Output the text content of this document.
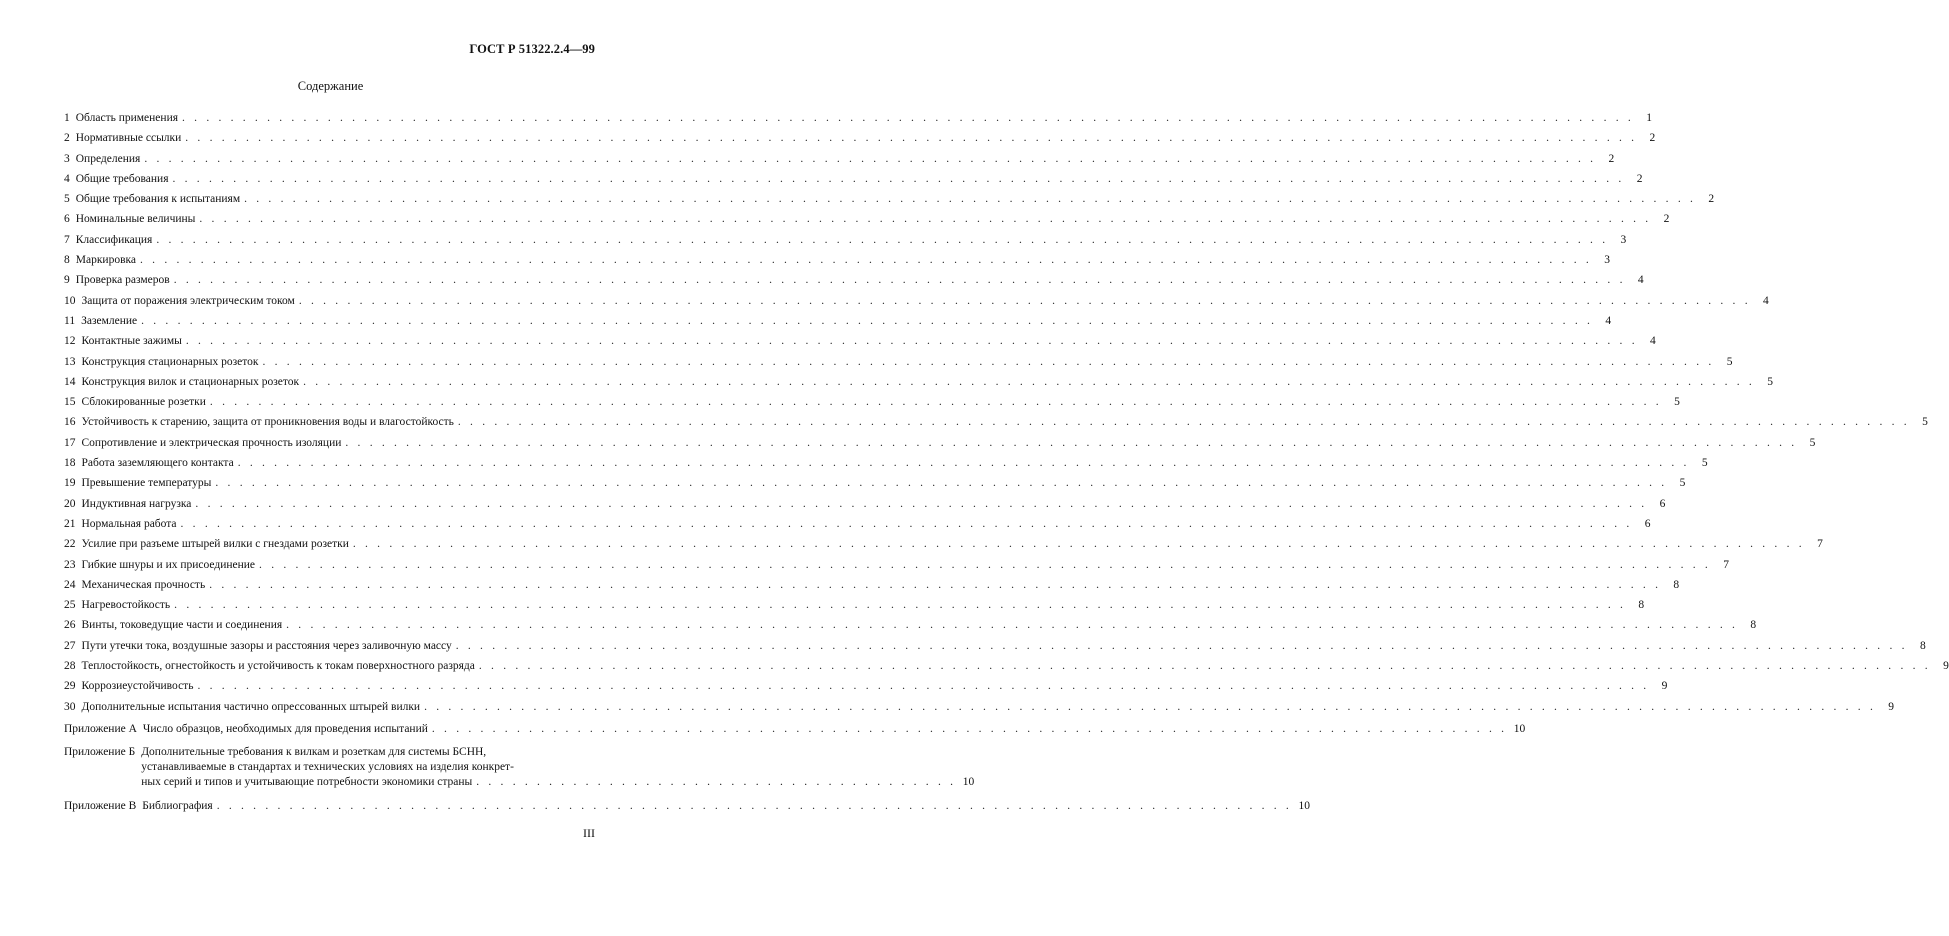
ГОСТ Р 51322.2.4—99
Содержание
1 Область применения . . . . . . . . . . . . . . . . . . . . . . . . . . . . . . . . . . . . . . . . . . . . . . . . . . . . . . . . . . . . . . . . . . . . . . . . . . . . . . . . . . . . . . . . . . . . . . . . . . . . . . . . . . . . . . . . . . . . . . . .	1
2 Нормативные ссылки . . . . . . . . . . . . . . . . . . . . . . . . . . . . . . . . . . . . . . . . . . . . . . . . . . . . . . . . . . . . . . . . . . . . . . . . . . . . . . . . . . . . . . . . . . . . . . . . . . . . . . . . . . . . . . . . . . . . . . . .	2
3 Определения . . . . . . . . . . . . . . . . . . . . . . . . . . . . . . . . . . . . . . . . . . . . . . . . . . . . . . . . . . . . . . . . . . . . . . . . . . . . . . . . . . . . . . . . . . . . . . . . . . . . . . . . . . . . . . . . . . . . . . . .	2
4 Общие требования . . . . . . . . . . . . . . . . . . . . . . . . . . . . . . . . . . . . . . . . . . . . . . . . . . . . . . . . . . . . . . . . . . . . . . . . . . . . . . . . . . . . . . . . . . . . . . . . . . . . . . . . . . . . . . . . . . . . . . . .	2
5 Общие требования к испытаниям . . . . . . . . . . . . . . . . . . . . . . . . . . . . . . . . . . . . . . . . . . . . . . . . . . . . . . . . . . . . . . . . . . . . . . . . . . . . . . . . . . . . . . . . . . . . . . . . . . . . . . . . . . . . . . . . . . . . . . . .	2
6 Номинальные величины . . . . . . . . . . . . . . . . . . . . . . . . . . . . . . . . . . . . . . . . . . . . . . . . . . . . . . . . . . . . . . . . . . . . . . . . . . . . . . . . . . . . . . . . . . . . . . . . . . . . . . . . . . . . . . . . . . . . . . . .	2
7 Классификация . . . . . . . . . . . . . . . . . . . . . . . . . . . . . . . . . . . . . . . . . . . . . . . . . . . . . . . . . . . . . . . . . . . . . . . . . . . . . . . . . . . . . . . . . . . . . . . . . . . . . . . . . . . . . . . . . . . . . . . .	3
8 Маркировка . . . . . . . . . . . . . . . . . . . . . . . . . . . . . . . . . . . . . . . . . . . . . . . . . . . . . . . . . . . . . . . . . . . . . . . . . . . . . . . . . . . . . . . . . . . . . . . . . . . . . . . . . . . . . . . . . . . . . . . .	3
9 Проверка размеров . . . . . . . . . . . . . . . . . . . . . . . . . . . . . . . . . . . . . . . . . . . . . . . . . . . . . . . . . . . . . . . . . . . . . . . . . . . . . . . . . . . . . . . . . . . . . . . . . . . . . . . . . . . . . . . . . . . . . . . .	4
10 Защита от поражения электрическим током . . . . . . . . . . . . . . . . . . . . . . . . . . . . . . . . . . . . . . . . . . . . . . . . . . . . . . . . . . . . . . . . . . . . . . . . . . . . . . . . . . . . . . . . . . . . . . . . . . . . . . . . . . . . . . . . . . . . . . . .	4
11 Заземление . . . . . . . . . . . . . . . . . . . . . . . . . . . . . . . . . . . . . . . . . . . . . . . . . . . . . . . . . . . . . . . . . . . . . . . . . . . . . . . . . . . . . . . . . . . . . . . . . . . . . . . . . . . . . . . . . . . . . . . .	4
12 Контактные зажимы . . . . . . . . . . . . . . . . . . . . . . . . . . . . . . . . . . . . . . . . . . . . . . . . . . . . . . . . . . . . . . . . . . . . . . . . . . . . . . . . . . . . . . . . . . . . . . . . . . . . . . . . . . . . . . . . . . . . . . . .	4
13 Конструкция стационарных розеток . . . . . . . . . . . . . . . . . . . . . . . . . . . . . . . . . . . . . . . . . . . . . . . . . . . . . . . . . . . . . . . . . . . . . . . . . . . . . . . . . . . . . . . . . . . . . . . . . . . . . . . . . . . . . . . . . . . . . . . .	5
14 Конструкция вилок и стационарных розеток . . . . . . . . . . . . . . . . . . . . . . . . . . . . . . . . . . . . . . . . . . . . . . . . . . . . . . . . . . . . . . . . . . . . . . . . . . . . . . . . . . . . . . . . . . . . . . . . . . . . . . . . . . . . . . . . . . . . . . . .	5
15 Сблокированные розетки . . . . . . . . . . . . . . . . . . . . . . . . . . . . . . . . . . . . . . . . . . . . . . . . . . . . . . . . . . . . . . . . . . . . . . . . . . . . . . . . . . . . . . . . . . . . . . . . . . . . . . . . . . . . . . . . . . . . . . . .	5
16 Устойчивость к старению, защита от проникновения воды и влагостойкость . . . . . . . . . . . . . . . . . . . . . . . . . . . . . . . . . . . . . . . . . . . . . . . . . . . . . . . . . . . . . . . . . . . . . . . . . . . . . . . . . . . . . . . . . . . . . . . . . . . . . . . . . . . . . . . . . . . . . . . .	5
17 Сопротивление и электрическая прочность изоляции . . . . . . . . . . . . . . . . . . . . . . . . . . . . . . . . . . . . . . . . . . . . . . . . . . . . . . . . . . . . . . . . . . . . . . . . . . . . . . . . . . . . . . . . . . . . . . . . . . . . . . . . . . . . . . . . . . . . . . . .	5
18 Работа заземляющего контакта . . . . . . . . . . . . . . . . . . . . . . . . . . . . . . . . . . . . . . . . . . . . . . . . . . . . . . . . . . . . . . . . . . . . . . . . . . . . . . . . . . . . . . . . . . . . . . . . . . . . . . . . . . . . . . . . . . . . . . . .	5
19 Превышение температуры . . . . . . . . . . . . . . . . . . . . . . . . . . . . . . . . . . . . . . . . . . . . . . . . . . . . . . . . . . . . . . . . . . . . . . . . . . . . . . . . . . . . . . . . . . . . . . . . . . . . . . . . . . . . . . . . . . . . . . . .	5
20 Индуктивная нагрузка . . . . . . . . . . . . . . . . . . . . . . . . . . . . . . . . . . . . . . . . . . . . . . . . . . . . . . . . . . . . . . . . . . . . . . . . . . . . . . . . . . . . . . . . . . . . . . . . . . . . . . . . . . . . . . . . . . . . . . . .	6
21 Нормальная работа . . . . . . . . . . . . . . . . . . . . . . . . . . . . . . . . . . . . . . . . . . . . . . . . . . . . . . . . . . . . . . . . . . . . . . . . . . . . . . . . . . . . . . . . . . . . . . . . . . . . . . . . . . . . . . . . . . . . . . . .	6
22 Усилие при разъеме штырей вилки с гнездами розетки . . . . . . . . . . . . . . . . . . . . . . . . . . . . . . . . . . . . . . . . . . . . . . . . . . . . . . . . . . . . . . . . . . . . . . . . . . . . . . . . . . . . . . . . . . . . . . . . . . . . . . . . . . . . . . . . . . . . . . . .	7
23 Гибкие шнуры и их присоединение . . . . . . . . . . . . . . . . . . . . . . . . . . . . . . . . . . . . . . . . . . . . . . . . . . . . . . . . . . . . . . . . . . . . . . . . . . . . . . . . . . . . . . . . . . . . . . . . . . . . . . . . . . . . . . . . . . . . . . . .	7
24 Механическая прочность . . . . . . . . . . . . . . . . . . . . . . . . . . . . . . . . . . . . . . . . . . . . . . . . . . . . . . . . . . . . . . . . . . . . . . . . . . . . . . . . . . . . . . . . . . . . . . . . . . . . . . . . . . . . . . . . . . . . . . . .	8
25 Нагревостойкость . . . . . . . . . . . . . . . . . . . . . . . . . . . . . . . . . . . . . . . . . . . . . . . . . . . . . . . . . . . . . . . . . . . . . . . . . . . . . . . . . . . . . . . . . . . . . . . . . . . . . . . . . . . . . . . . . . . . . . . .	8
26 Винты, токоведущие части и соединения . . . . . . . . . . . . . . . . . . . . . . . . . . . . . . . . . . . . . . . . . . . . . . . . . . . . . . . . . . . . . . . . . . . . . . . . . . . . . . . . . . . . . . . . . . . . . . . . . . . . . . . . . . . . . . . . . . . . . . . .	8
27 Пути утечки тока, воздушные зазоры и расстояния через заливочную массу . . . . . . . . . . . . . . . . . . . . . . . . . . . . . . . . . . . . . . . . . . . . . . . . . . . . . . . . . . . . . . . . . . . . . . . . . . . . . . . . . . . . . . . . . . . . . . . . . . . . . . . . . . . . . . . . . . . . . . . .	8
28 Теплостойкость, огнестойкость и устойчивость к токам поверхностного разряда . . . . . . . . . . . . . . . . . . . . . . . . . . . . . . . . . . . . . . . . . . . . . . . . . . . . . . . . . . . . . . . . . . . . . . . . . . . . . . . . . . . . . . . . . . . . . . . . . . . . . . . . . . . . . . . . . . . . . . . .	9
29 Коррозиеустойчивость . . . . . . . . . . . . . . . . . . . . . . . . . . . . . . . . . . . . . . . . . . . . . . . . . . . . . . . . . . . . . . . . . . . . . . . . . . . . . . . . . . . . . . . . . . . . . . . . . . . . . . . . . . . . . . . . . . . . . . . .	9
30 Дополнительные испытания частично опрессованных штырей вилки . . . . . . . . . . . . . . . . . . . . . . . . . . . . . . . . . . . . . . . . . . . . . . . . . . . . . . . . . . . . . . . . . . . . . . . . . . . . . . . . . . . . . . . . . . . . . . . . . . . . . . . . . . . . . . . . . . . . . . . .	9
Приложение А Число образцов, необходимых для проведения испытаний . . . . . . . . . . . . . . . . . . . . . . . . . . . . . . . . . . . . . . . . . . . . . . . . . . . . . . . . . . . . . . . . . . . . . . . . . . . . . . . . . . . . . . . . . 10
Приложение Б Дополнительные требования к вилкам и розеткам для системы БСНН,
устанавливаемые в стандартах и технических условиях на изделия конкрет-
ных серий и типов и учитывающие потребности экономики страны . . . . . . . . . . . . . . . . . . . . . . . . . . . . . . . . . . . . . . . . 10
Приложение В Библиография . . . . . . . . . . . . . . . . . . . . . . . . . . . . . . . . . . . . . . . . . . . . . . . . . . . . . . . . . . . . . . . . . . . . . . . . . . . . . . . . . . . . . . . . . 10
III
